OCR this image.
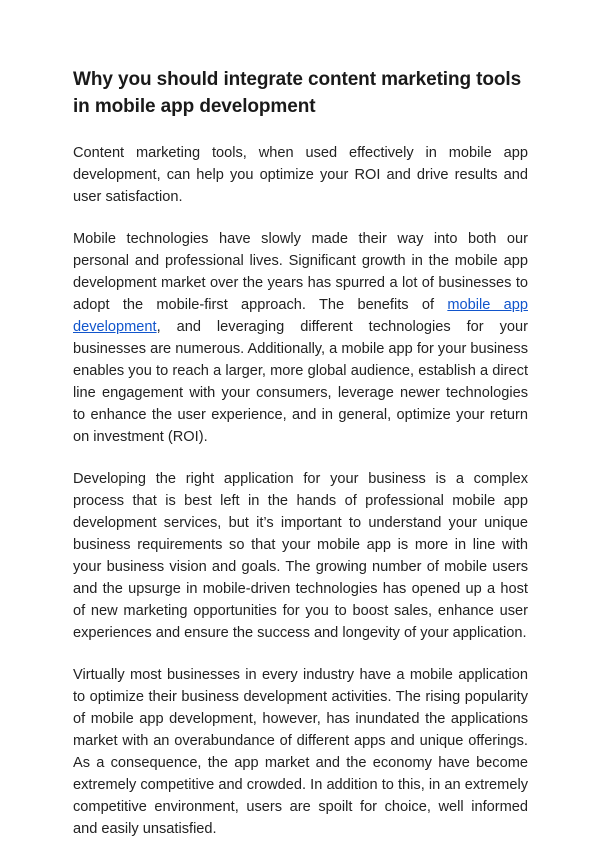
Why you should integrate content marketing tools in mobile app development

Content marketing tools, when used effectively in mobile app development, can help you optimize your ROI and drive results and user satisfaction.

Mobile technologies have slowly made their way into both our personal and professional lives. Significant growth in the mobile app development market over the years has spurred a lot of businesses to adopt the mobile-first approach. The benefits of mobile app development, and leveraging different technologies for your businesses are numerous. Additionally, a mobile app for your business enables you to reach a larger, more global audience, establish a direct line engagement with your consumers, leverage newer technologies to enhance the user experience, and in general, optimize your return on investment (ROI).

Developing the right application for your business is a complex process that is best left in the hands of professional mobile app development services, but it’s important to understand your unique business requirements so that your mobile app is more in line with your business vision and goals. The growing number of mobile users and the upsurge in mobile-driven technologies has opened up a host of new marketing opportunities for you to boost sales, enhance user experiences and ensure the success and longevity of your application.

Virtually most businesses in every industry have a mobile application to optimize their business development activities. The rising popularity of mobile app development, however, has inundated the applications market with an overabundance of different apps and unique offerings. As a consequence, the app market and the economy have become extremely competitive and crowded. In addition to this, in an extremely competitive environment, users are spoilt for choice, well informed and easily unsatisfied.
